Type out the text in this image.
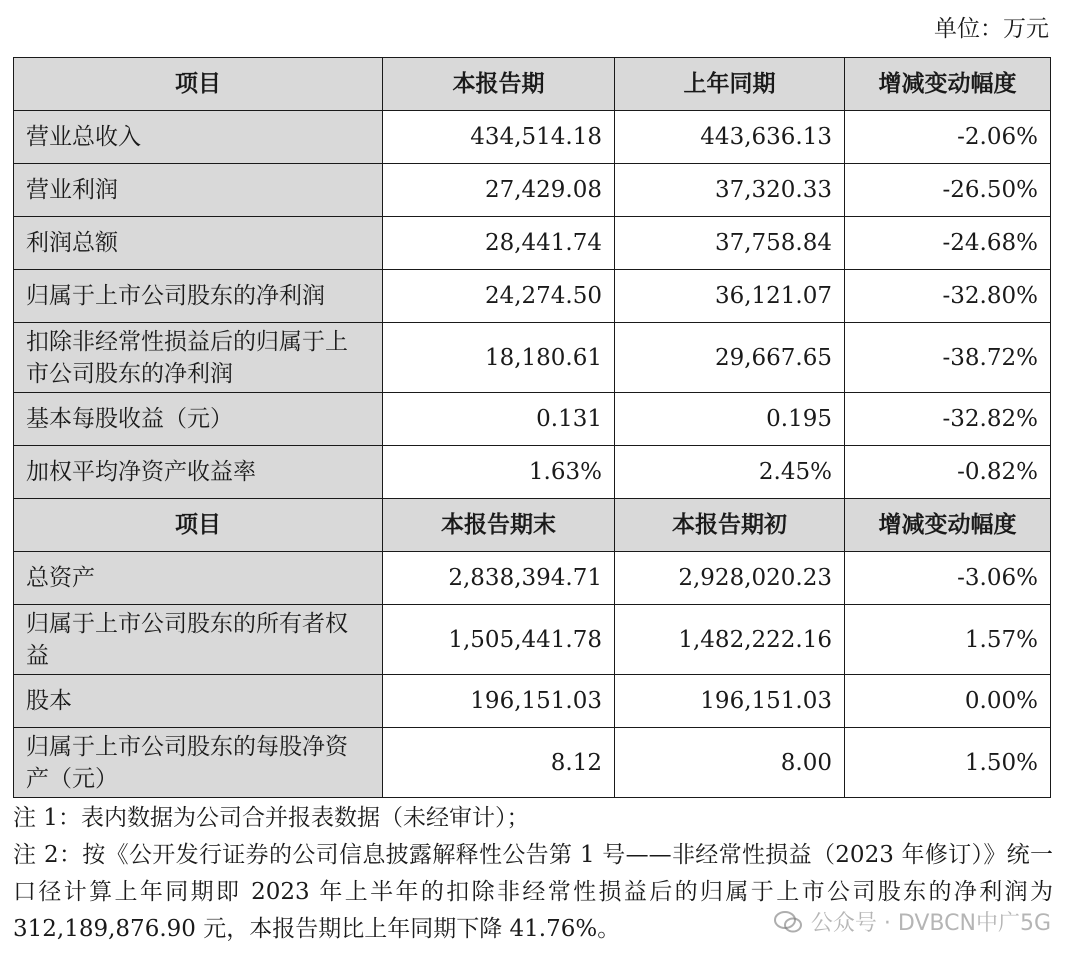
单位：万元
项目	本报告期	上年同期	增减变动幅度
营业总收入	434,514.18	443,636.13	-2.06%
营业利润	27,429.08	37,320.33	-26.50%
利润总额	28,441.74	37,758.84	-24.68%
归属于上市公司股东的净利润	24,274.50	36,121.07	-32.80%
扣除非经常性损益后的归属于上市公司股东的净利润	18,180.61	29,667.65	-38.72%
基本每股收益（元）	0.131	0.195	-32.82%
加权平均净资产收益率	1.63%	2.45%	-0.82%
项目	本报告期末	本报告期初	增减变动幅度
总资产	2,838,394.71	2,928,020.23	-3.06%
归属于上市公司股东的所有者权益	1,505,441.78	1,482,222.16	1.57%
股本	196,151.03	196,151.03	0.00%
归属于上市公司股东的每股净资产（元）	8.12	8.00	1.50%

注 1：表内数据为公司合并报表数据（未经审计）；

注 2：按《公开发行证券的公司信息披露解释性公告第 1 号——非经常性损益（2023 年修订）》统一口径计算上年同期即 2023 年上半年的扣除非经常性损益后的归属于上市公司股东的净利润为 312,189,876.90 元，本报告期比上年同期下降 41.76%。	公众号 · DVBCN中广5G
